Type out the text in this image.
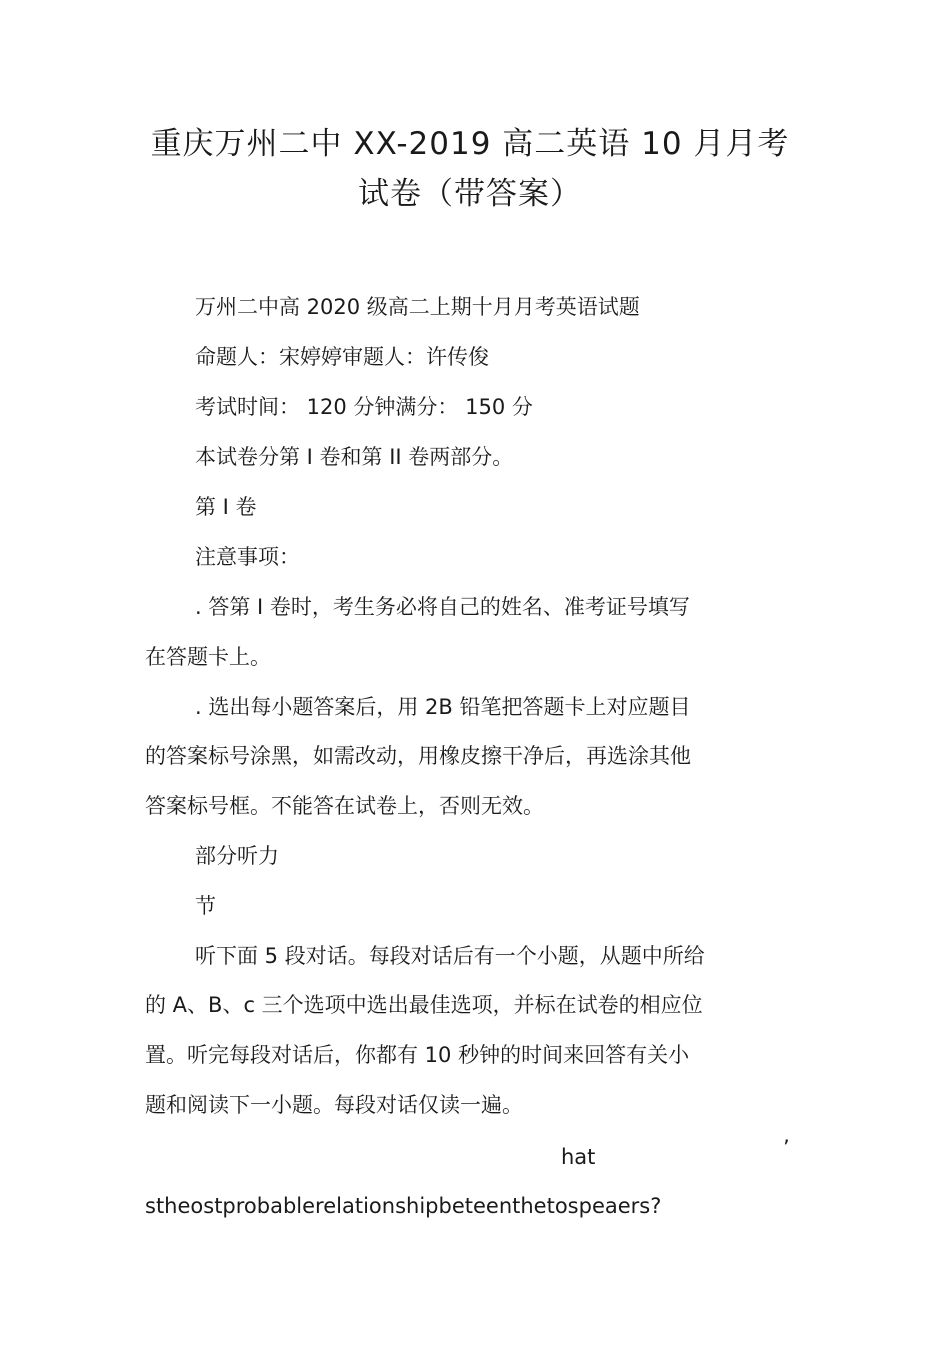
重庆万州二中 XX-2019 高二英语 10 月月考
试卷（带答案）
万州二中高 2020 级高二上期十月月考英语试题
命题人：宋婷婷审题人：许传俊
考试时间： 120 分钟满分： 150 分
本试卷分第 I 卷和第 II 卷两部分。
第 I 卷
注意事项：
. 答第 I 卷时，考生务必将自己的姓名、准考证号填写
在答题卡上。
. 选出每小题答案后，用 2B 铅笔把答题卡上对应题目
的答案标号涂黑，如需改动，用橡皮擦干净后，再选涂其他
答案标号框。不能答在试卷上，否则无效。
部分听力
节
听下面 5 段对话。每段对话后有一个小题，从题中所给
的 A、B、c 三个选项中选出最佳选项，并标在试卷的相应位
置。听完每段对话后，你都有 10 秒钟的时间来回答有关小
题和阅读下一小题。每段对话仅读一遍。
hat	’
stheostprobablerelationshipbeteenthetospeaers?
